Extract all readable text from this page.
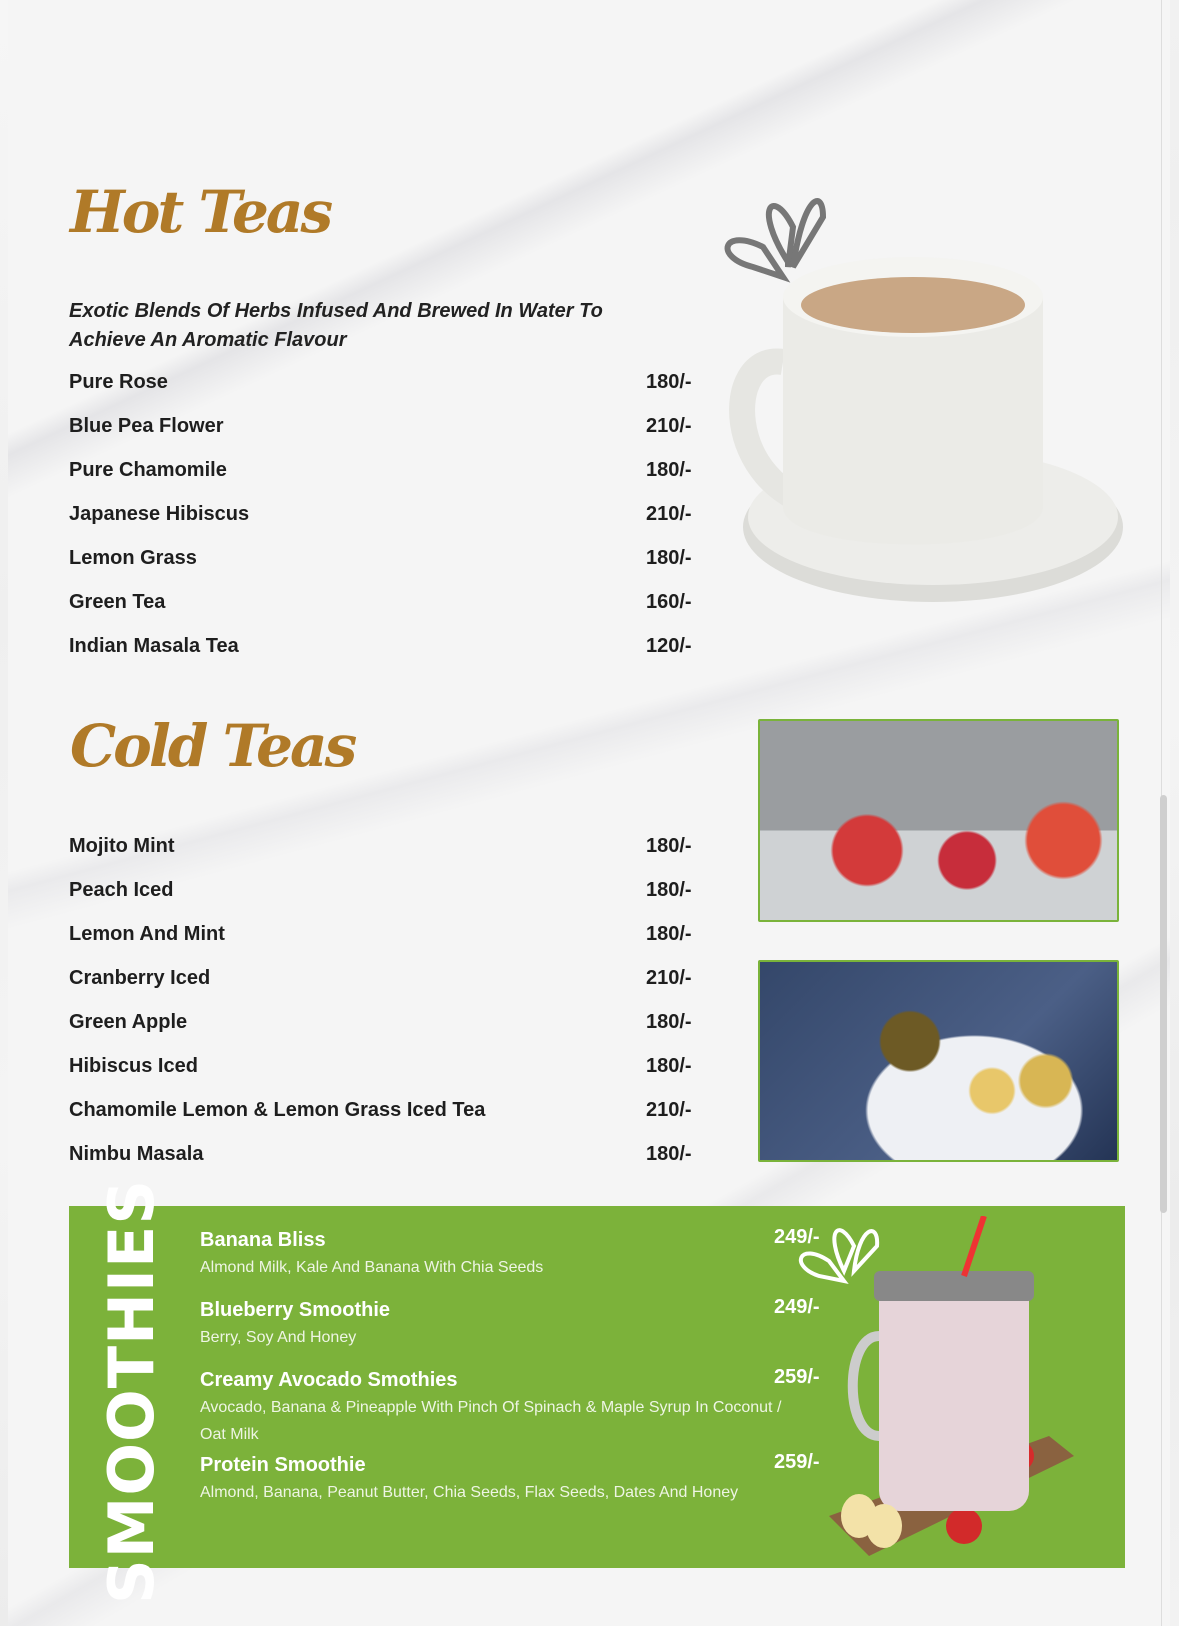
Hot Teas
Exotic Blends Of Herbs Infused And Brewed In Water To Achieve An Aromatic Flavour
Pure Rose	180/-
Blue Pea Flower	210/-
Pure Chamomile	180/-
Japanese Hibiscus	210/-
Lemon Grass	180/-
Green Tea	160/-
Indian Masala Tea	120/-
Cold Teas
Mojito Mint	180/-
Peach Iced	180/-
Lemon And Mint	180/-
Cranberry Iced	210/-
Green Apple	180/-
Hibiscus Iced	180/-
Chamomile Lemon & Lemon Grass Iced Tea	210/-
Nimbu Masala	180/-
SMOOTHIES Banana Bliss
Almond Milk, Kale And Banana With Chia Seeds
249/-
Blueberry Smoothie
Berry, Soy And Honey
249/-
Creamy Avocado Smothies
Avocado, Banana & Pineapple With Pinch Of Spinach & Maple Syrup In Coconut / Oat Milk
259/-
Protein Smoothie
Almond, Banana, Peanut Butter, Chia Seeds, Flax Seeds, Dates And Honey
259/-
